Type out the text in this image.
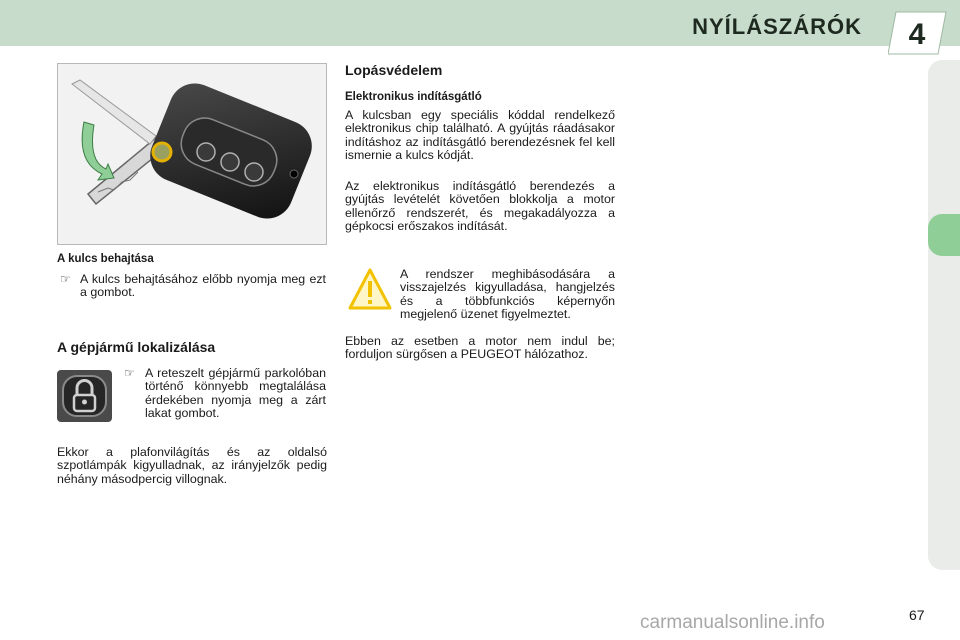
NYÍLÁSZÁRÓK 4
A kulcs behajtása
☞ A kulcs behajtásához előbb nyomja meg ezt a gombot.
A gépjármű lokalizálása
☞ A reteszelt gépjármű parkolóban történő könnyebb megtalálása érdekében nyomja meg a zárt lakat gombot.
Ekkor a plafonvilágítás és az oldalsó szpotlámpák kigyulladnak, az irányjelzők pedig néhány másodpercig villognak.
Lopásvédelem
Elektronikus indításgátló
A kulcsban egy speciális kóddal rendelkező elektronikus chip található. A gyújtás ráadásakor indításhoz az indításgátló berendezésnek fel kell ismernie a kulcs kódját.
Az elektronikus indításgátló berendezés a gyújtás levételét követően blokkolja a motor ellenőrző rendszerét, és megakadályozza a gépkocsi erőszakos indítását.
A rendszer meghibásodására a visszajelzés kigyulladása, hangjelzés és a többfunkciós képernyőn megjelenő üzenet figyelmeztet.
Ebben az esetben a motor nem indul be; forduljon sürgősen a PEUGEOT hálózathoz.
67
carmanualsonline.info
